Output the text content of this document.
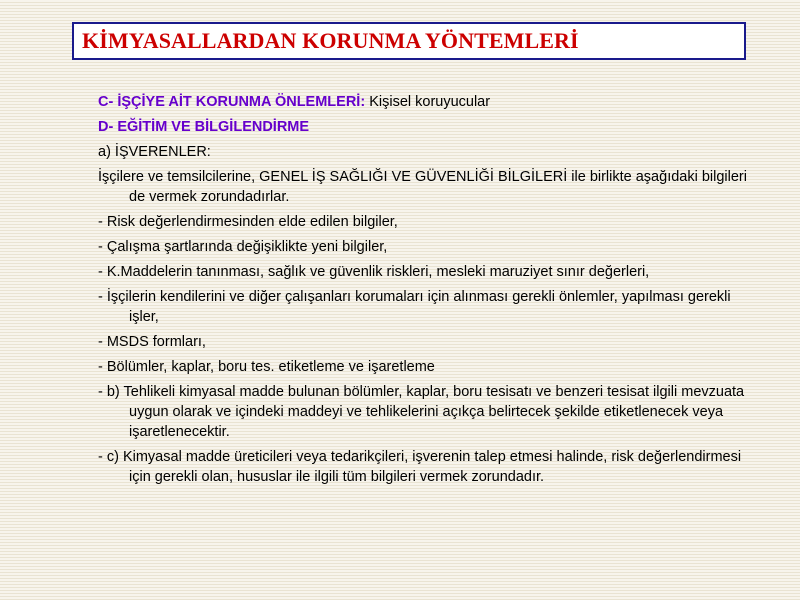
KİMYASALLARDAN KORUNMA YÖNTEMLERİ
C- İŞÇİYE AİT KORUNMA ÖNLEMLERİ: Kişisel koruyucular
D- EĞİTİM VE BİLGİLENDİRME
a) İŞVERENLER:
İşçilere ve temsilcilerine, GENEL İŞ SAĞLIĞI VE GÜVENLİĞİ BİLGİLERİ ile birlikte aşağıdaki bilgileri de vermek zorundadırlar.
- Risk değerlendirmesinden elde edilen bilgiler,
- Çalışma şartlarında değişiklikte yeni bilgiler,
- K.Maddelerin tanınması, sağlık ve güvenlik riskleri, mesleki maruziyet sınır değerleri,
- İşçilerin kendilerini ve diğer çalışanları korumaları için alınması gerekli önlemler, yapılması gerekli işler,
- MSDS formları,
- Bölümler, kaplar, boru tes. etiketleme ve işaretleme
- b) Tehlikeli kimyasal madde bulunan bölümler, kaplar, boru tesisatı ve benzeri tesisat ilgili mevzuata uygun olarak ve içindeki maddeyi ve tehlikelerini açıkça belirtecek şekilde etiketlenecek veya işaretlenecektir.
- c) Kimyasal madde üreticileri veya tedarikçileri, işverenin talep etmesi halinde, risk değerlendirmesi için gerekli olan, hususlar ile ilgili tüm bilgileri vermek zorundadır.
